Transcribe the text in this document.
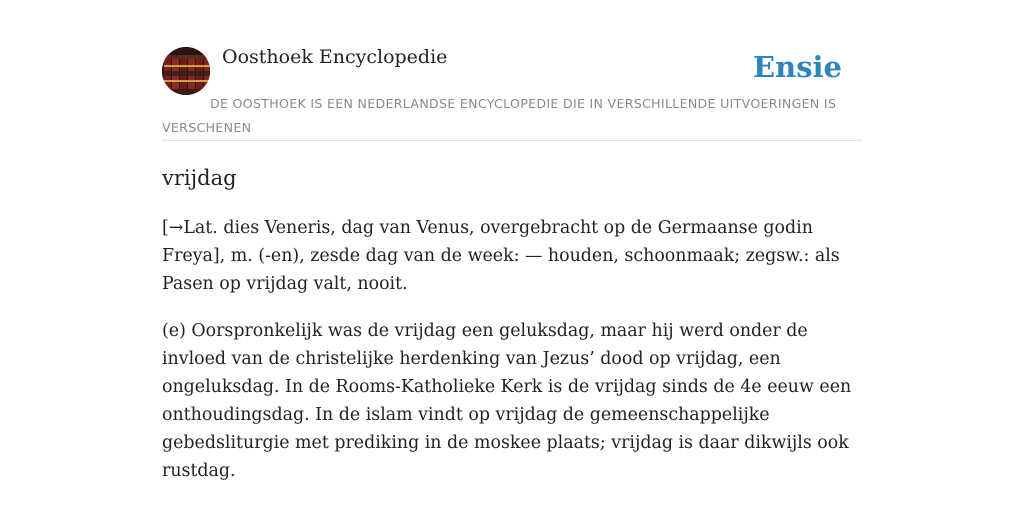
Oosthoek Encyclopedie	Ensie
DE OOSTHOEK IS EEN NEDERLANDSE ENCYCLOPEDIE DIE IN VERSCHILLENDE UITVOERINGEN IS VERSCHENEN
vrijdag

[→Lat. dies Veneris, dag van Venus, overgebracht op de Germaanse godin Freya], m. (-en), zesde dag van de week: — houden, schoonmaak; zegsw.: als Pasen op vrijdag valt, nooit.

(e) Oorspronkelijk was de vrijdag een geluksdag, maar hij werd onder de invloed van de christelijke herdenking van Jezus’ dood op vrijdag, een ongeluksdag. In de Rooms-Katholieke Kerk is de vrijdag sinds de 4e eeuw een onthoudingsdag. In de islam vindt op vrijdag de gemeenschappelijke gebedsliturgie met prediking in de moskee plaats; vrijdag is daar dikwijls ook rustdag.
